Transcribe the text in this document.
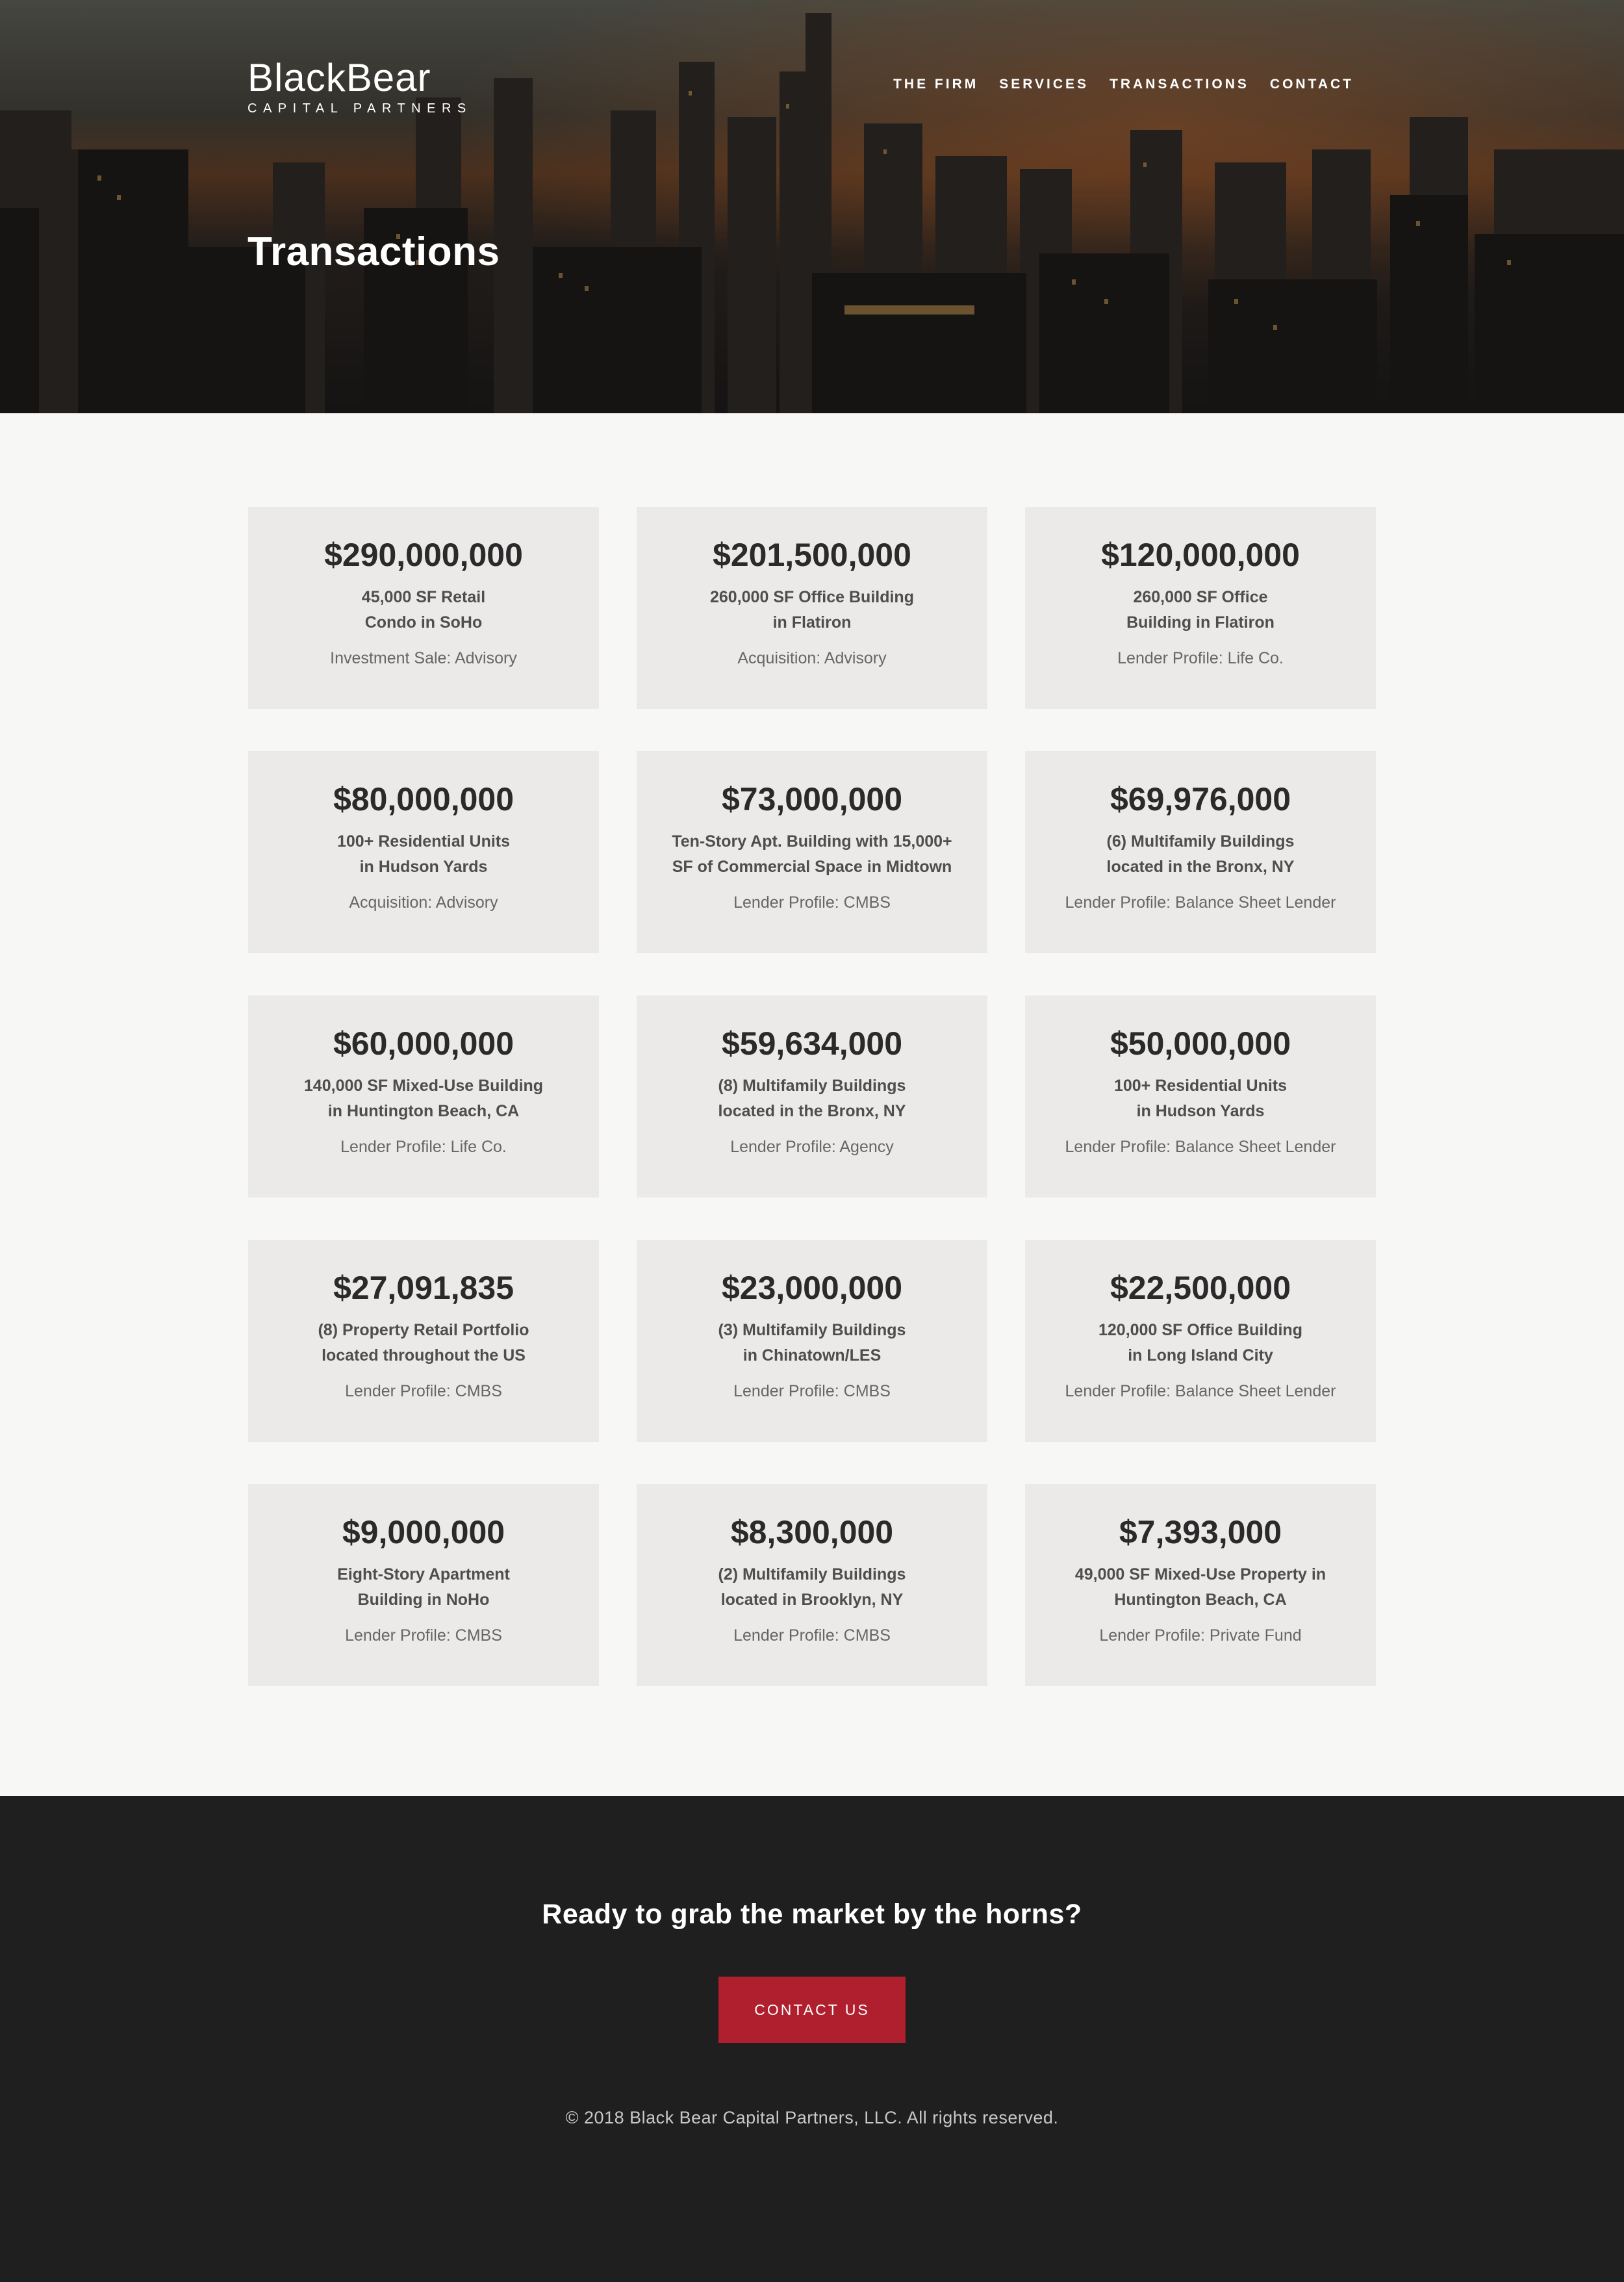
BlackBear
CAPITAL PARTNERS
THE FIRM SERVICES TRANSACTIONS CONTACT
Transactions
$290,000,000
45,000 SF Retail
Condo in SoHo
Investment Sale: Advisory
$201,500,000
260,000 SF Office Building
in Flatiron
Acquisition: Advisory
$120,000,000
260,000 SF Office
Building in Flatiron
Lender Profile: Life Co.
$80,000,000
100+ Residential Units
in Hudson Yards
Acquisition: Advisory
$73,000,000
Ten-Story Apt. Building with 15,000+
SF of Commercial Space in Midtown
Lender Profile: CMBS
$69,976,000
(6) Multifamily Buildings
located in the Bronx, NY
Lender Profile: Balance Sheet Lender
$60,000,000
140,000 SF Mixed-Use Building
in Huntington Beach, CA
Lender Profile: Life Co.
$59,634,000
(8) Multifamily Buildings
located in the Bronx, NY
Lender Profile: Agency
$50,000,000
100+ Residential Units
in Hudson Yards
Lender Profile: Balance Sheet Lender
$27,091,835
(8) Property Retail Portfolio
located throughout the US
Lender Profile: CMBS
$23,000,000
(3) Multifamily Buildings
in Chinatown/LES
Lender Profile: CMBS
$22,500,000
120,000 SF Office Building
in Long Island City
Lender Profile: Balance Sheet Lender
$9,000,000
Eight-Story Apartment
Building in NoHo
Lender Profile: CMBS
$8,300,000
(2) Multifamily Buildings
located in Brooklyn, NY
Lender Profile: CMBS
$7,393,000
49,000 SF Mixed-Use Property in
Huntington Beach, CA
Lender Profile: Private Fund
Ready to grab the market by the horns?
CONTACT US
© 2018 Black Bear Capital Partners, LLC. All rights reserved.
